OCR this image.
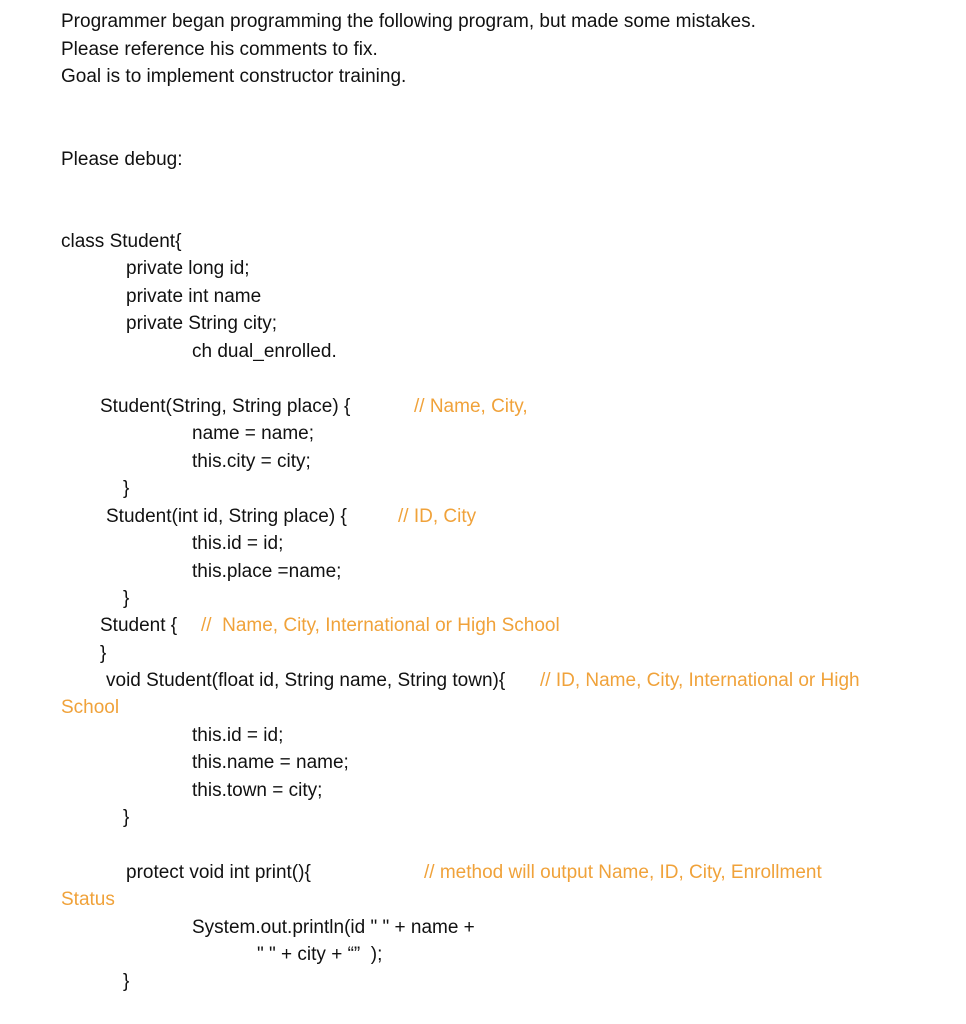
Programmer began programming the following program, but made some mistakes.
Please reference his comments to fix.
Goal is to implement constructor training.
Please debug:
class Student{
private long id;
private int name
private String city;
ch dual_enrolled.
Student(String, String place) {	// Name, City,
name = name;
this.city = city;
}
Student(int id, String place) {	// ID, City
this.id = id;
this.place =name;
}
Student { //  Name, City, International or High School
}
void Student(float id, String name, String town){ // ID, Name, City, International or High
School
this.id = id;
this.name = name;
this.town = city;
}
protect void int print(){	// method will output Name, ID, City, Enrollment
Status
System.out.println(id " " + name +
" " + city + “”  );
}
